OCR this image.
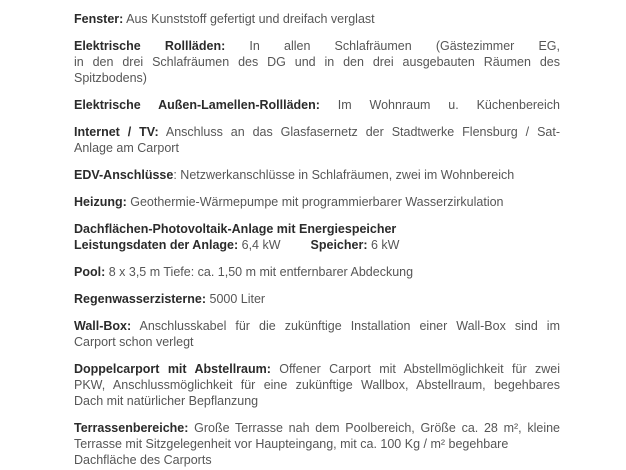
Fenster: Aus Kunststoff gefertigt und dreifach verglast

Elektrische Rollläden: In allen Schlafräumen (Gästezimmer EG,
in den drei Schlafräumen des DG und in den drei ausgebauten Räumen des
Spitzbodens)

Elektrische Außen-Lamellen-Rollläden: Im Wohnraum u. Küchenbereich

Internet / TV: Anschluss an das Glasfasernetz der Stadtwerke Flensburg / Sat-
Anlage am Carport

EDV-Anschlüsse: Netzwerkanschlüsse in Schlafräumen, zwei im Wohnbereich

Heizung: Geothermie-Wärmepumpe mit programmierbarer Wasserzirkulation

Dachflächen-Photovoltaik-Anlage mit Energiespeicher
Leistungsdaten der Anlage: 6,4 kW Speicher: 6 kW

Pool: 8 x 3,5 m Tiefe: ca. 1,50 m mit entfernbarer Abdeckung

Regenwasserzisterne: 5000 Liter

Wall-Box: Anschlusskabel für die zukünftige Installation einer Wall-Box sind im
Carport schon verlegt

Doppelcarport mit Abstellraum: Offener Carport mit Abstellmöglichkeit für zwei
PKW, Anschlussmöglichkeit für eine zukünftige Wallbox, Abstellraum, begehbares
Dach mit natürlicher Bepflanzung

Terrassenbereiche: Große Terrasse nah dem Poolbereich, Größe ca. 28 m², kleine
Terrasse mit Sitzgelegenheit vor Haupteingang, mit ca. 100 Kg / m² begehbare
Dachfläche des Carports
